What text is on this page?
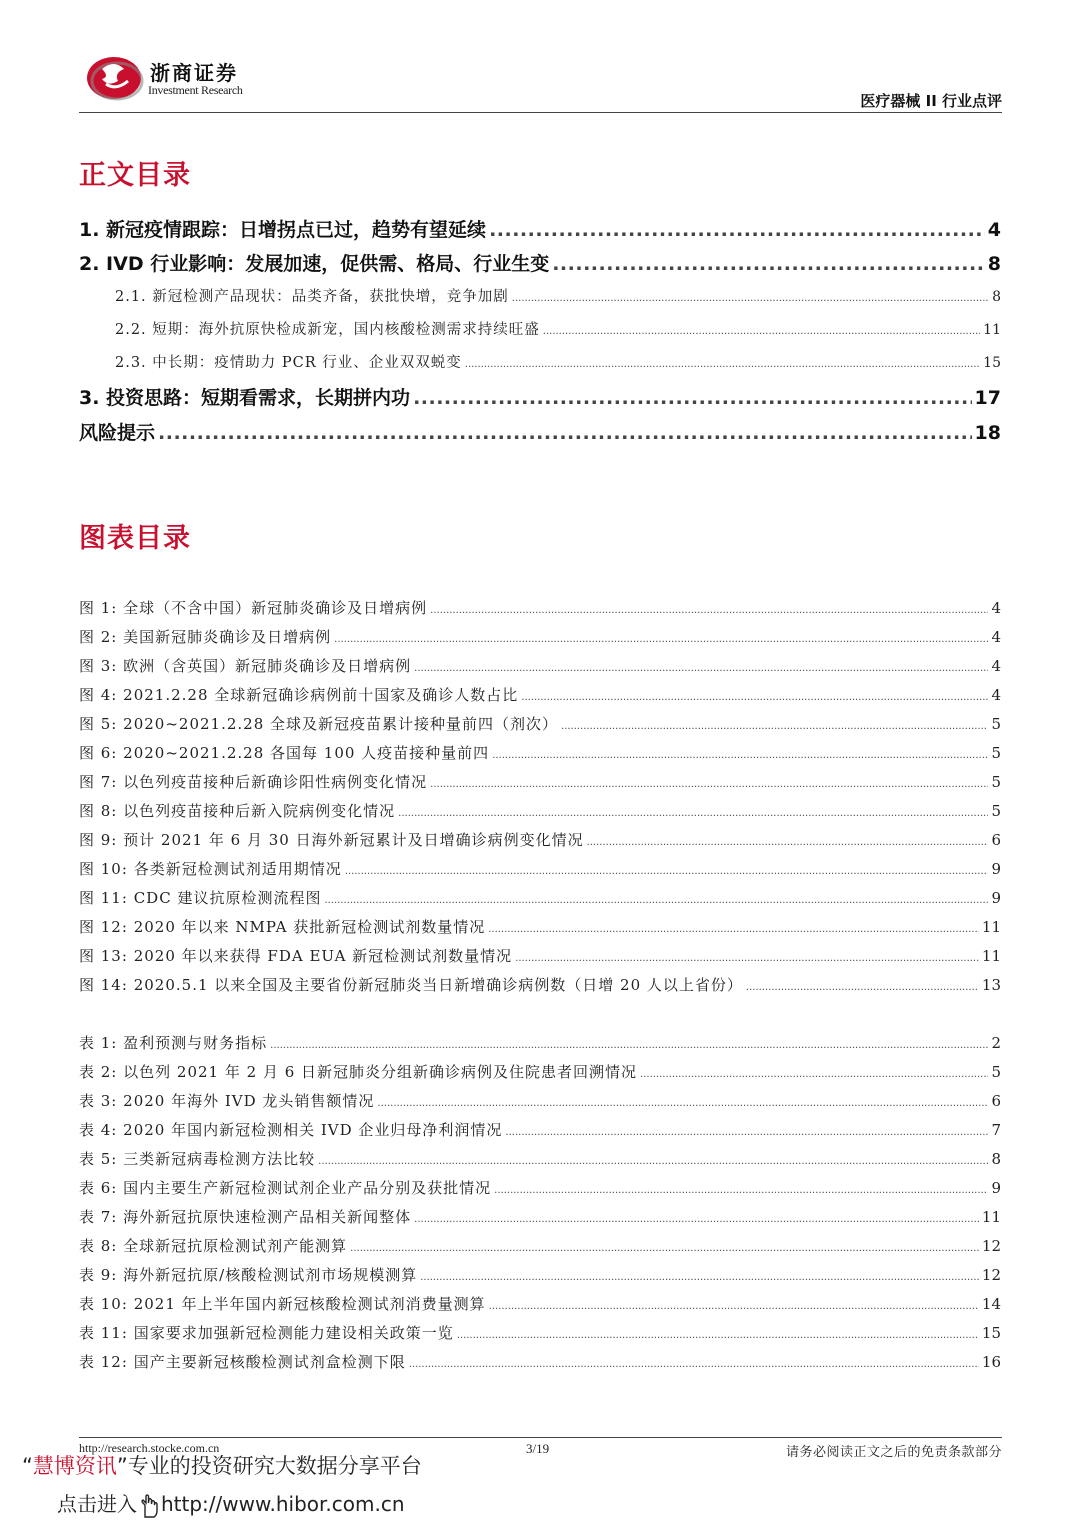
浙商证券
Investment Research
医疗器械 II 行业点评
正文目录
1. 新冠疫情跟踪：日增拐点已过，趋势有望延续 .....	4
2. IVD 行业影响：发展加速，促供需、格局、行业生变 .....	8
2.1. 新冠检测产品现状：品类齐备，获批快增，竞争加剧 .....	8
2.2. 短期：海外抗原快检成新宠，国内核酸检测需求持续旺盛 .....	11
2.3. 中长期：疫情助力 PCR 行业、企业双双蜕变 .....	15
3. 投资思路：短期看需求，长期拼内功 .....	17
风险提示 .....	18
图表目录
图 1: 全球（不含中国）新冠肺炎确诊及日增病例 .....	4
图 2: 美国新冠肺炎确诊及日增病例 .....	4
图 3: 欧洲（含英国）新冠肺炎确诊及日增病例 .....	4
图 4: 2021.2.28 全球新冠确诊病例前十国家及确诊人数占比 .....	4
图 5: 2020~2021.2.28 全球及新冠疫苗累计接种量前四（剂次） .....	5
图 6: 2020~2021.2.28 各国每 100 人疫苗接种量前四 .....	5
图 7: 以色列疫苗接种后新确诊阳性病例变化情况 .....	5
图 8: 以色列疫苗接种后新入院病例变化情况 .....	5
图 9: 预计 2021 年 6 月 30 日海外新冠累计及日增确诊病例变化情况 .....	6
图 10: 各类新冠检测试剂适用期情况 .....	9
图 11: CDC 建议抗原检测流程图 .....	9
图 12: 2020 年以来 NMPA 获批新冠检测试剂数量情况 .....	11
图 13: 2020 年以来获得 FDA EUA 新冠检测试剂数量情况 .....	11
图 14: 2020.5.1 以来全国及主要省份新冠肺炎当日新增确诊病例数（日增 20 人以上省份） .....	13
表 1: 盈利预测与财务指标 .....	2
表 2: 以色列 2021 年 2 月 6 日新冠肺炎分组新确诊病例及住院患者回溯情况 .....	5
表 3: 2020 年海外 IVD 龙头销售额情况 .....	6
表 4: 2020 年国内新冠检测相关 IVD 企业归母净利润情况 .....	7
表 5: 三类新冠病毒检测方法比较 .....	8
表 6: 国内主要生产新冠检测试剂企业产品分别及获批情况 .....	9
表 7: 海外新冠抗原快速检测产品相关新闻整体 .....	11
表 8: 全球新冠抗原检测试剂产能测算 .....	12
表 9: 海外新冠抗原/核酸检测试剂市场规模测算 .....	12
表 10: 2021 年上半年国内新冠核酸检测试剂消费量测算 .....	14
表 11: 国家要求加强新冠检测能力建设相关政策一览 .....	15
表 12: 国产主要新冠核酸检测试剂盒检测下限 .....	16
http://research.stocke.com.cn	3/19	请务必阅读正文之后的免责条款部分
“慧博资讯”专业的投资研究大数据分享平台
点击进入 http://www.hibor.com.cn
